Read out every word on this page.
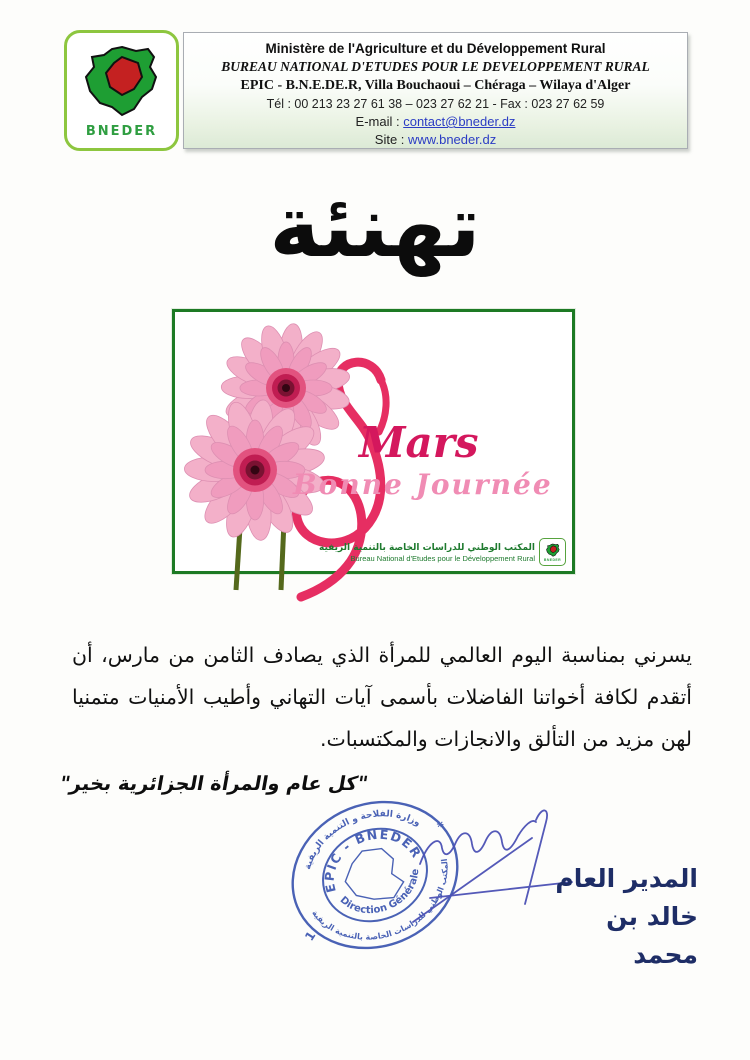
BNEDER
Ministère de l'Agriculture et du Développement Rural
BUREAU NATIONAL D'ETUDES POUR LE DEVELOPPEMENT RURAL
EPIC - B.N.E.DE.R, Villa Bouchaoui – Chéraga – Wilaya d'Alger
Tél : 00 213 23 27 61 38 – 023 27 62 21 - Fax : 023 27 62 59
E-mail : contact@bneder.dz
Site : www.bneder.dz
تهنئة
Mars
Bonne Journée
المكتب الوطني للدراسات الخاصة بالتنمية الريفية
Bureau National d'Etudes pour le Développement Rural	BNEDER
يسرني بمناسبة اليوم العالمي للمرأة الذي يصادف الثامن من مارس، أن أتقدم لكافة أخواتنا الفاضلات بأسمى آيات التهاني وأطيب الأمنيات متمنيا لهن مزيد من التألق والانجازات والمكتسبات.
"كل عام والمرأة الجزائرية بخير"
وزارة الفلاحة و التنمية الريفية
المكتب الوطني للدراسات الخاصة بالتنمية الريفية
EPIC - BNEDER
Direction Générale
1
*
المدير العام
خالد بن محمد
